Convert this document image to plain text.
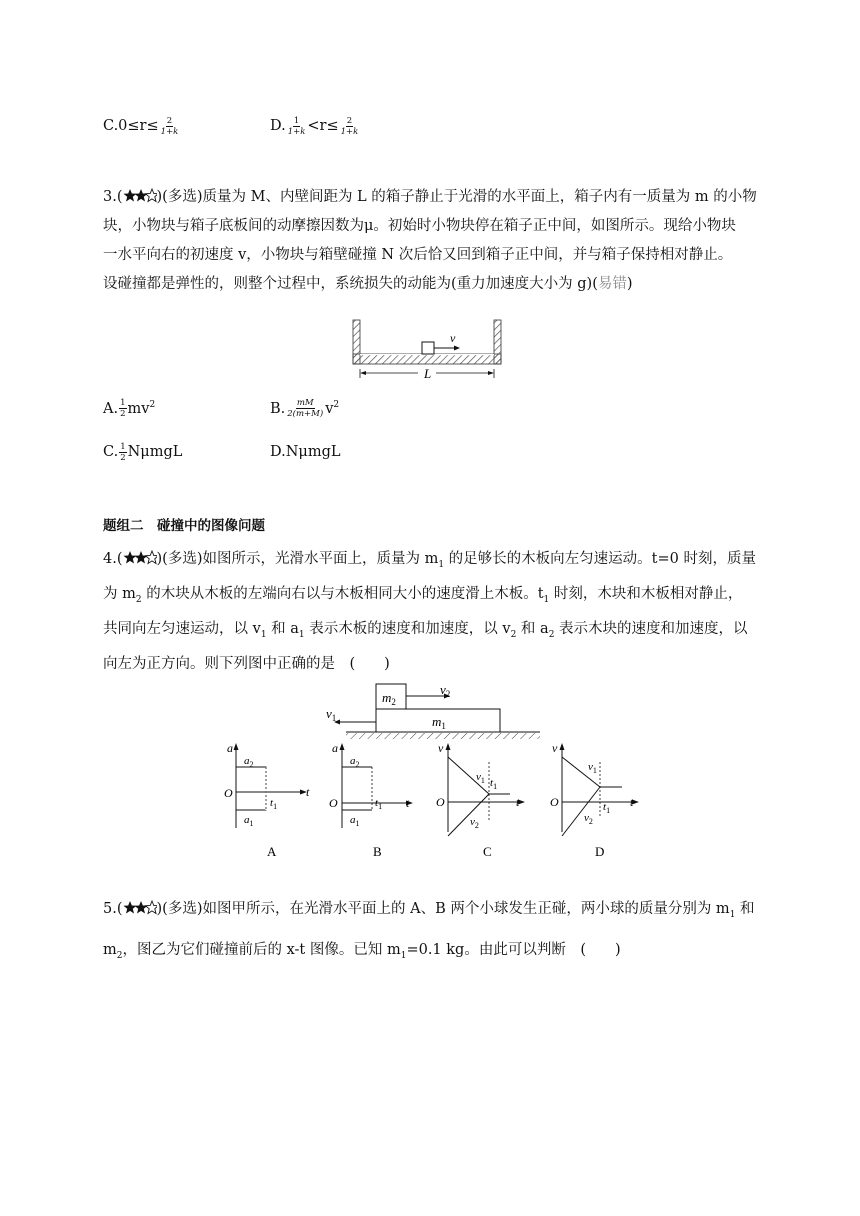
$C.0\le r\le \frac{2}{1+k}$	D. $\frac{1}{1+k} <r\le \frac{2}{1+k}$
3.( )(多选)质量为 M、内壁间距为 L 的箱子静止于光滑的水平面上，箱子内有一质量为 m 的小物
块，小物块与箱子底板间的动摩擦因数为μ。初始时小物块停在箱子正中间，如图所示。现给小物块
一水平向右的初速度 v，小物块与箱壁碰撞 N 次后恰又回到箱子正中间，并与箱子保持相对静止。
设碰撞都是弹性的，则整个过程中，系统损失的动能为(重力加速度大小为 g)(易错)
v
L
A. $\frac{1}{2} mv^2$	B. $\frac{mM}{2(m+M)} v^2$
C. $\frac{1}{2}$ NμmgL	D.NμmgL
题组二　碰撞中的图像问题
4.( )(多选)如图所示，光滑水平面上，质量为 $m_1$ 的足够长的木板向左匀速运动。t=0 时刻，质量
为 $m_2$ 的木块从木板的左端向右以与木板相同大小的速度滑上木板。$t_1$ 时刻，木块和木板相对静止，
共同向左匀速运动，以 $v_1$ 和 $a_1$ 表示木板的速度和加速度，以 $v_2$ 和 $a_2$ 表示木块的速度和加速度，以
向左为正方向。则下列图中正确的是　(　　)
$m_2$
$m_1$
$v_2$
$v_1$
a
t
O
$a_2$
$a_1$
$t_1$
A
a
t
O
$a_2$
$a_1$
$t_1$
B
v
t
O
$v_1$
$v_2$
$t_1$
C
v
t
O
$v_1$
$v_2$
$t_1$
D
5.( )(多选)如图甲所示，在光滑水平面上的 A、B 两个小球发生正碰，两小球的质量分别为 $m_1$ 和
$m_2$，图乙为它们碰撞前后的 x-t 图像。已知 $m_1=0.1$ kg。由此可以判断　(　　)
